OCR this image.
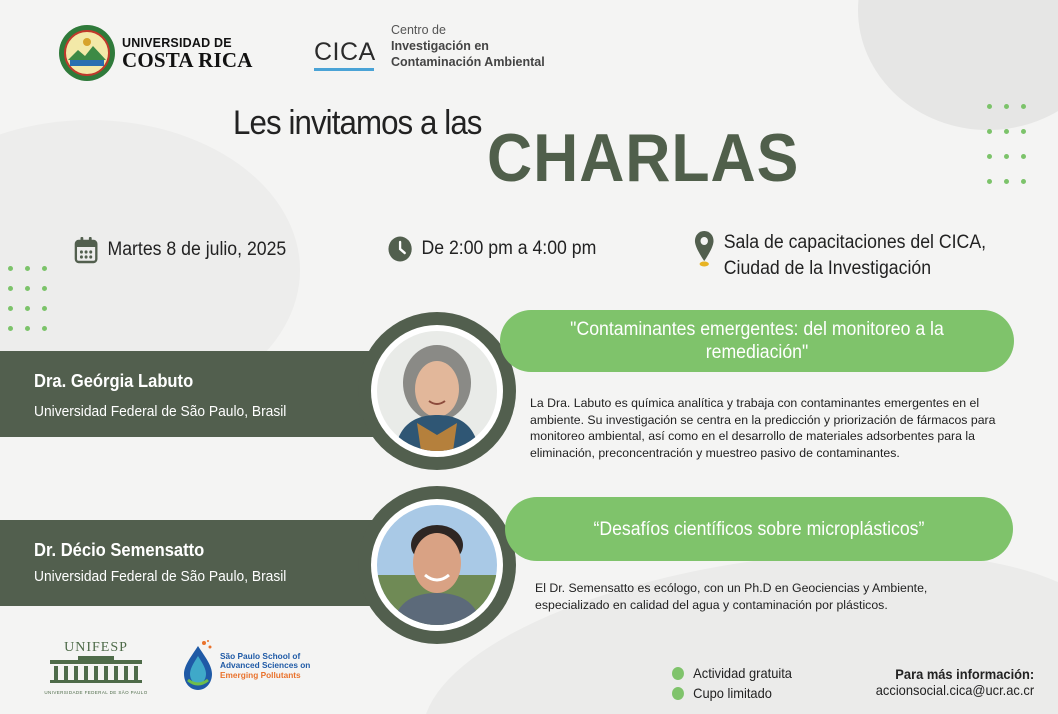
UNIVERSIDAD DE
COSTA RICA CICA
Centro de
Investigación en
Contaminación Ambiental
Les invitamos a las CHARLAS
Martes 8 de julio, 2025	De 2:00 pm a 4:00 pm	Sala de capacitaciones del CICA,
Ciudad de la Investigación
Dra. Geórgia Labuto
Universidad Federal de São Paulo, Brasil
"Contaminantes emergentes: del monitoreo a la remediación"
La Dra. Labuto es química analítica y trabaja con contaminantes emergentes en el ambiente. Su investigación se centra en la predicción y priorización de fármacos para monitoreo ambiental, así como en el desarrollo de materiales adsorbentes para la eliminación, preconcentración y muestreo pasivo de contaminantes.
Dr. Décio Semensatto
Universidad Federal de São Paulo, Brasil
“Desafíos científicos sobre microplásticos”
El Dr. Semensatto es ecólogo, con un Ph.D en Geociencias y Ambiente, especializado en calidad del agua y contaminación por plásticos.
UNIFESP
UNIVERSIDADE FEDERAL DE SÃO PAULO
São Paulo School of
Advanced Sciences on
Emerging Pollutants	Actividad gratuita
Cupo limitado
Para más información:
accionsocial.cica@ucr.ac.cr
